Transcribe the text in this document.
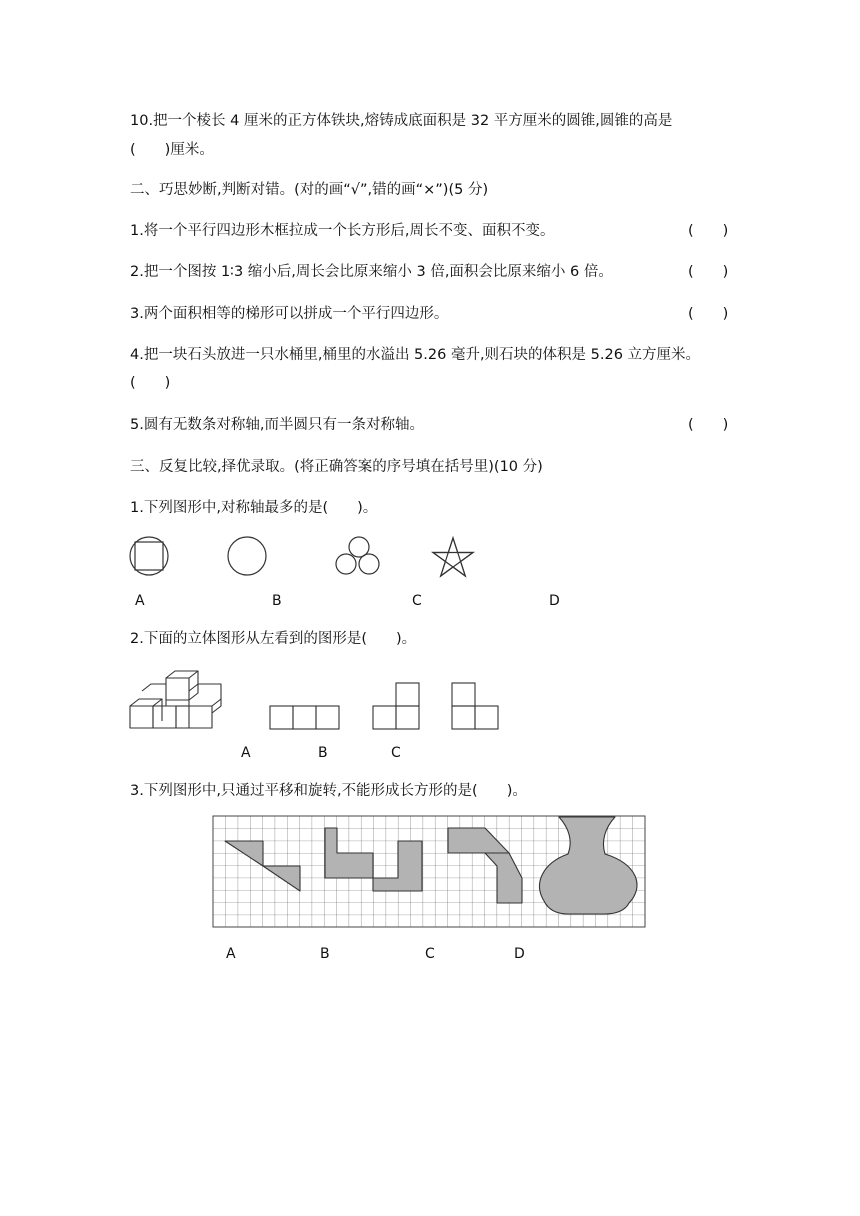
10.把一个棱长 4 厘米的正方体铁块,熔铸成底面积是 32 平方厘米的圆锥,圆锥的高是
(　　)厘米。
二、巧思妙断,判断对错。(对的画“√”,错的画“×”)(5 分)
1.将一个平行四边形木框拉成一个长方形后,周长不变、面积不变。	(　　)
2.把一个图按 1∶3 缩小后,周长会比原来缩小 3 倍,面积会比原来缩小 6 倍。	(　　)
3.两个面积相等的梯形可以拼成一个平行四边形。	(　　)
4.把一块石头放进一只水桶里,桶里的水溢出 5.26 毫升,则石块的体积是 5.26 立方厘米。
(　　)
5.圆有无数条对称轴,而半圆只有一条对称轴。	(　　)
三、反复比较,择优录取。(将正确答案的序号填在括号里)(10 分)
1.下列图形中,对称轴最多的是(　　)。
A	B	C	D
2.下面的立体图形从左看到的图形是(　　)。
A	B	C
3.下列图形中,只通过平移和旋转,不能形成长方形的是(　　)。
A	B	C	D
